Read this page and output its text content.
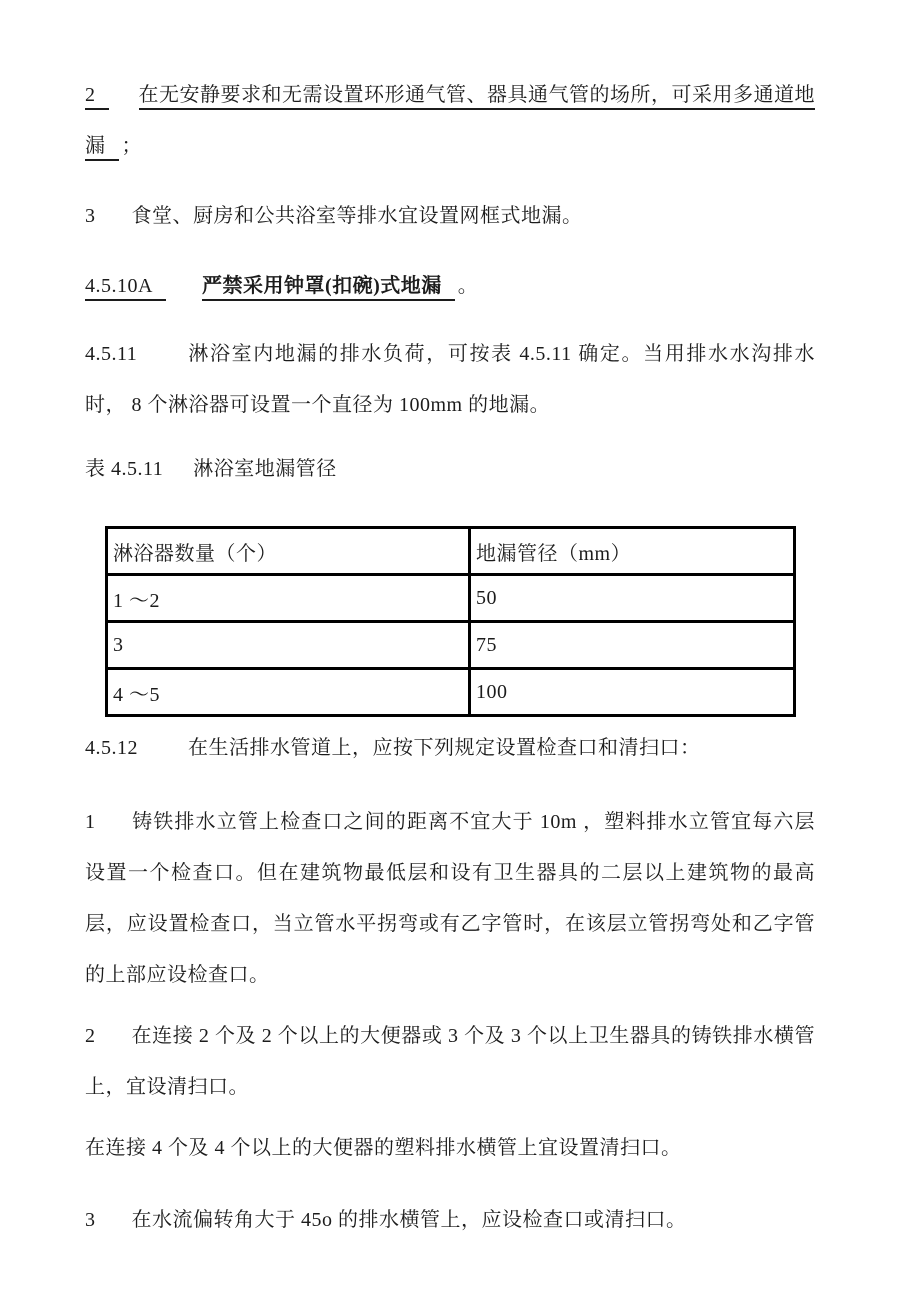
2 在无安静要求和无需设置环形通气管、器具通气管的场所，可采用多通道地漏 ；

3 食堂、厨房和公共浴室等排水宜设置网框式地漏。

4.5.10A 严禁采用钟罩(扣碗)式地漏 。

4.5.11	淋浴室内地漏的排水负荷，可按表 4.5.11 确定。当用排水水沟排水时， 8 个淋浴器可设置一个直径为 100mm 的地漏。

表 4.5.11 淋浴室地漏管径

淋浴器数量（个）	地漏管径（mm）
1 ～2	50
3	75
4 ～5	100

4.5.12	在生活排水管道上，应按下列规定设置检查口和清扫口：

1 铸铁排水立管上检查口之间的距离不宜大于 10m ，塑料排水立管宜每六层设置一个检查口。但在建筑物最低层和设有卫生器具的二层以上建筑物的最高层，应设置检查口，当立管水平拐弯或有乙字管时，在该层立管拐弯处和乙字管的上部应设检查口。

2 在连接 2 个及 2 个以上的大便器或 3 个及 3 个以上卫生器具的铸铁排水横管上，宜设清扫口。

在连接 4 个及 4 个以上的大便器的塑料排水横管上宜设置清扫口。

3 在水流偏转角大于 45o 的排水横管上，应设检查口或清扫口。
